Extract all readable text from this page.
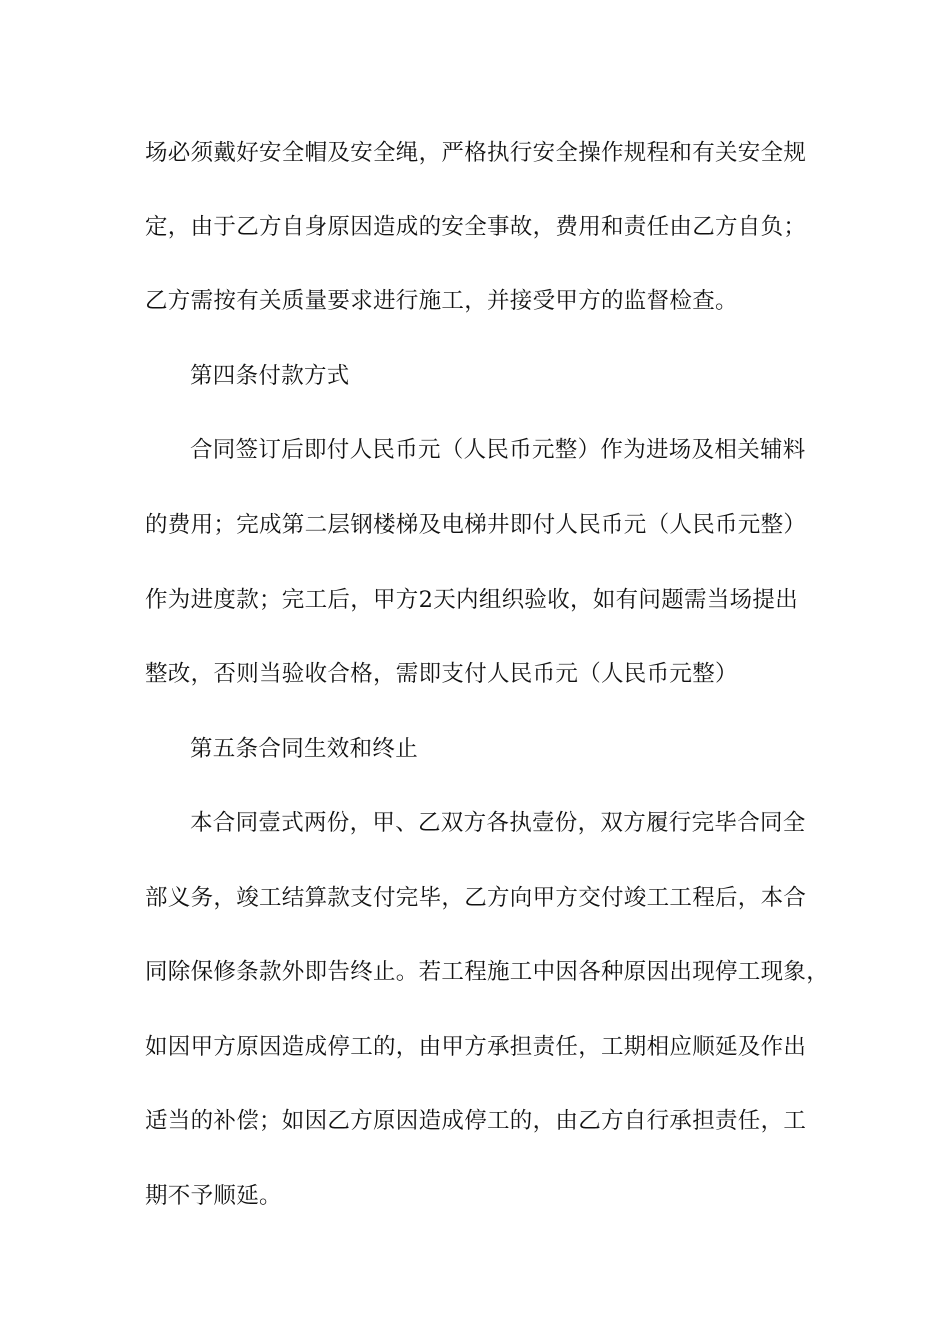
场必须戴好安全帽及安全绳，严格执行安全操作规程和有关安全规
定，由于乙方自身原因造成的安全事故，费用和责任由乙方自负；
乙方需按有关质量要求进行施工，并接受甲方的监督检查。
第四条付款方式
合同签订后即付人民币元（人民币元整）作为进场及相关辅料
的费用；完成第二层钢楼梯及电梯井即付人民币元（人民币元整）
作为进度款；完工后，甲方2天内组织验收，如有问题需当场提出
整改，否则当验收合格，需即支付人民币元（人民币元整）
第五条合同生效和终止
本合同壹式两份，甲、乙双方各执壹份，双方履行完毕合同全
部义务，竣工结算款支付完毕，乙方向甲方交付竣工工程后，本合
同除保修条款外即告终止。若工程施工中因各种原因出现停工现象，
如因甲方原因造成停工的，由甲方承担责任，工期相应顺延及作出
适当的补偿；如因乙方原因造成停工的，由乙方自行承担责任，工
期不予顺延。
